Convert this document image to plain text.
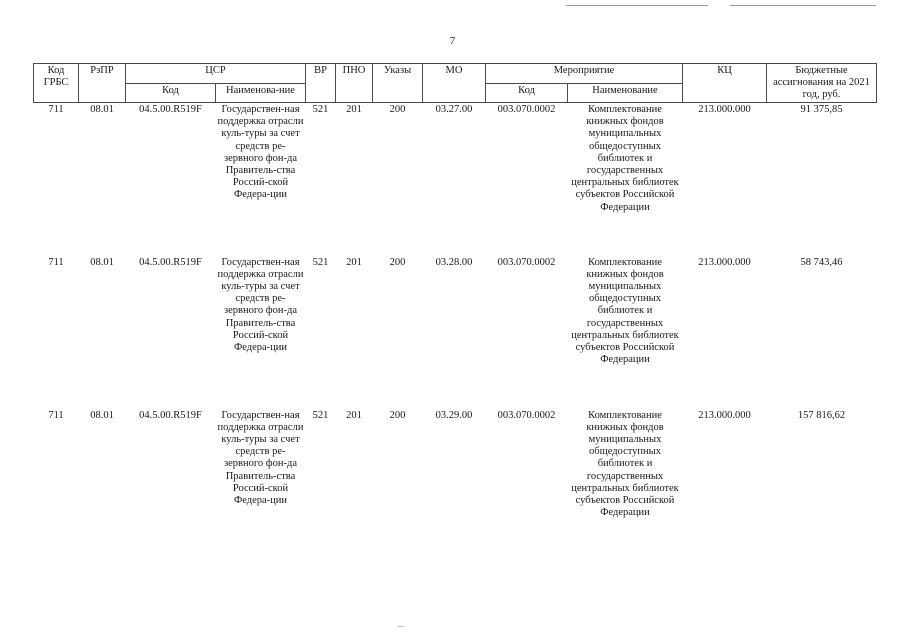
7
Код ГРБС	РзПР	ЦСР		ВР	ПНО	Указы	МО	Мероприятие		КЦ	Бюджетные ассигнования на 2021 год, руб.
		Код	Наименова-ние					Код	Наименование		
711	08.01	04.5.00.R519F	Государствен-ная поддержка отрасли куль-туры за счет средств ре-зервного фон-да Правитель-ства Россий-ской Федера-ции	521	201	200	03.27.00	003.070.0002	Комплектование книжных фондов муниципальных общедоступных библиотек и государственных центральных библиотек субъектов Российской Федерации	213.000.000	91 375,85
711	08.01	04.5.00.R519F	Государствен-ная поддержка отрасли куль-туры за счет средств ре-зервного фон-да Правитель-ства Россий-ской Федера-ции	521	201	200	03.28.00	003.070.0002	Комплектование книжных фондов муниципальных общедоступных библиотек и государственных центральных библиотек субъектов Российской Федерации	213.000.000	58 743,46
711	08.01	04.5.00.R519F	Государствен-ная поддержка отрасли куль-туры за счет средств ре-зервного фон-да Правитель-ства Россий-ской Федера-ции	521	201	200	03.29.00	003.070.0002	Комплектование книжных фондов муниципальных общедоступных библиотек и государственных центральных библиотек субъектов Российской Федерации	213.000.000	157 816,62
